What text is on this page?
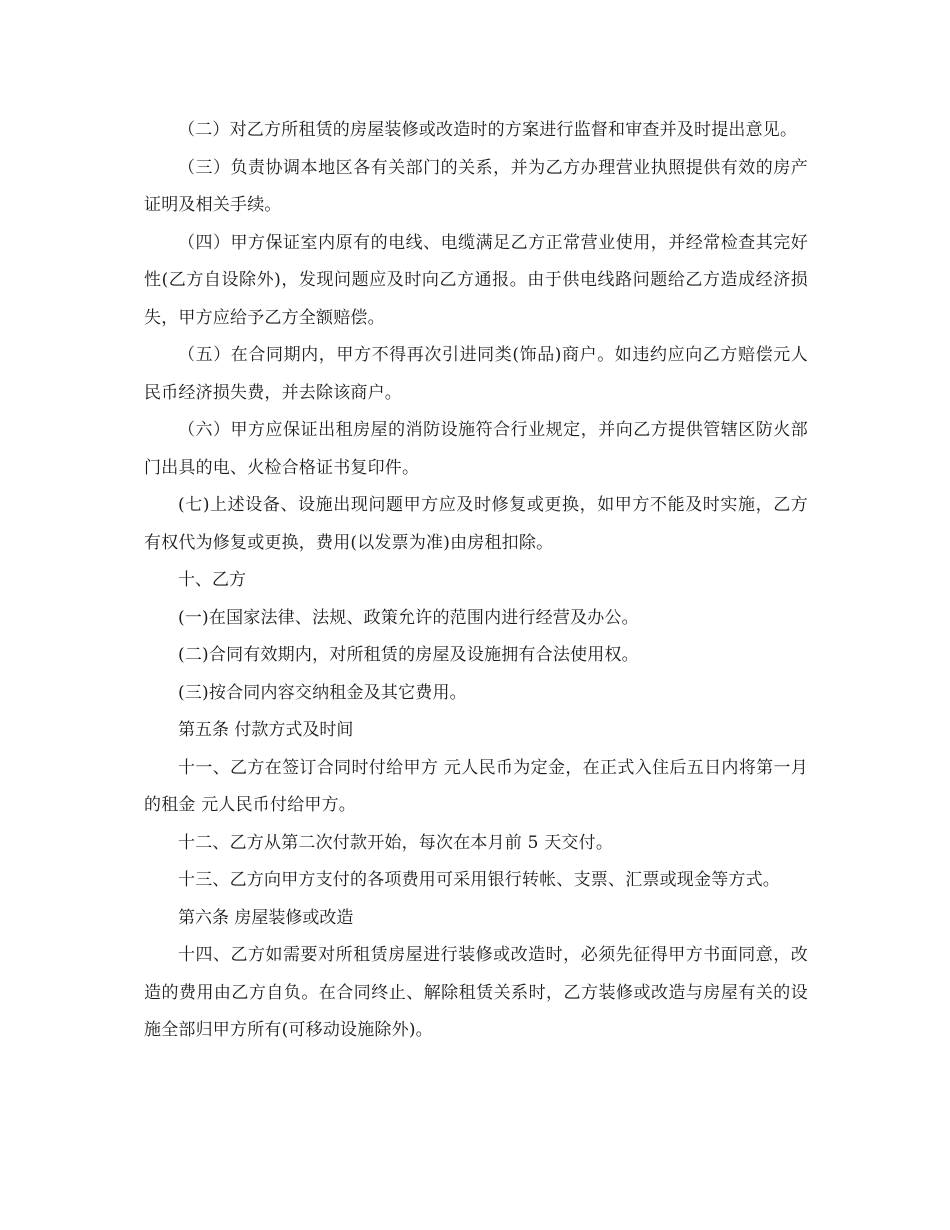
（二）对乙方所租赁的房屋装修或改造时的方案进行监督和审查并及时提出意见。

（三）负责协调本地区各有关部门的关系，并为乙方办理营业执照提供有效的房产证明及相关手续。

（四）甲方保证室内原有的电线、电缆满足乙方正常营业使用，并经常检查其完好性(乙方自设除外)，发现问题应及时向乙方通报。由于供电线路问题给乙方造成经济损失，甲方应给予乙方全额赔偿。

（五）在合同期内，甲方不得再次引进同类(饰品)商户。如违约应向乙方赔偿元人民币经济损失费，并去除该商户。

（六）甲方应保证出租房屋的消防设施符合行业规定，并向乙方提供管辖区防火部门出具的电、火检合格证书复印件。

(七)上述设备、设施出现问题甲方应及时修复或更换，如甲方不能及时实施，乙方有权代为修复或更换，费用(以发票为准)由房租扣除。

十、乙方

(一)在国家法律、法规、政策允许的范围内进行经营及办公。

(二)合同有效期内，对所租赁的房屋及设施拥有合法使用权。

(三)按合同内容交纳租金及其它费用。

第五条 付款方式及时间

十一、乙方在签订合同时付给甲方 元人民币为定金，在正式入住后五日内将第一月的租金 元人民币付给甲方。

十二、乙方从第二次付款开始，每次在本月前 5 天交付。

十三、乙方向甲方支付的各项费用可采用银行转帐、支票、汇票或现金等方式。

第六条 房屋装修或改造

十四、乙方如需要对所租赁房屋进行装修或改造时，必须先征得甲方书面同意，改造的费用由乙方自负。在合同终止、解除租赁关系时，乙方装修或改造与房屋有关的设施全部归甲方所有(可移动设施除外)。
